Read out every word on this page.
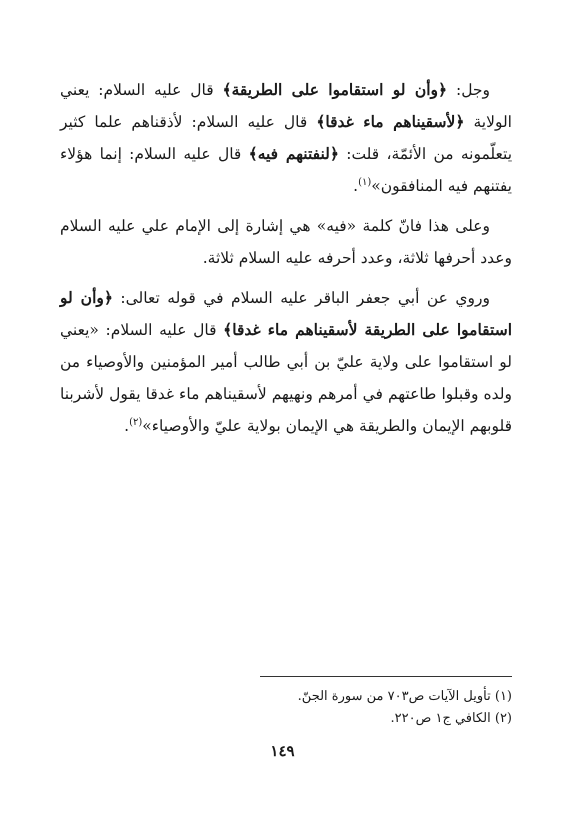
وجل: ﴿وأن لو استقاموا على الطريقة﴾ قال عليه السلام: يعني الولاية ﴿لأسقيناهم ماء غدقا﴾ قال عليه السلام: لأذقناهم علما كثير يتعلّمونه من الأئمّة، قلت: ﴿لنفتنهم فيه﴾ قال عليه السلام: إنما هؤلاء يفتنهم فيه المنافقون»$^{(١)}$.

وعلى هذا فانّ كلمة «فيه» هي إشارة إلى الإمام علي عليه السلام وعدد أحرفها ثلاثة، وعدد أحرفه عليه السلام ثلاثة.

وروي عن أبي جعفر الباقر عليه السلام في قوله تعالى: ﴿وأن لو استقاموا على الطريقة لأسقيناهم ماء غدقا﴾ قال عليه السلام: «يعني لو استقاموا على ولاية عليّ بن أبي طالب أمير المؤمنين والأوصياء من ولده وقبلوا طاعتهم في أمرهم ونهيهم لأسقيناهم ماء غدقا يقول لأشربنا قلوبهم الإيمان والطريقة هي الإيمان بولاية عليّ والأوصياء»$^{(٢)}$.

(١) تأويل الآيات ص٧٠٣ من سورة الجنّ.
(٢) الكافي ج١ ص٢٢٠.
١٤٩
